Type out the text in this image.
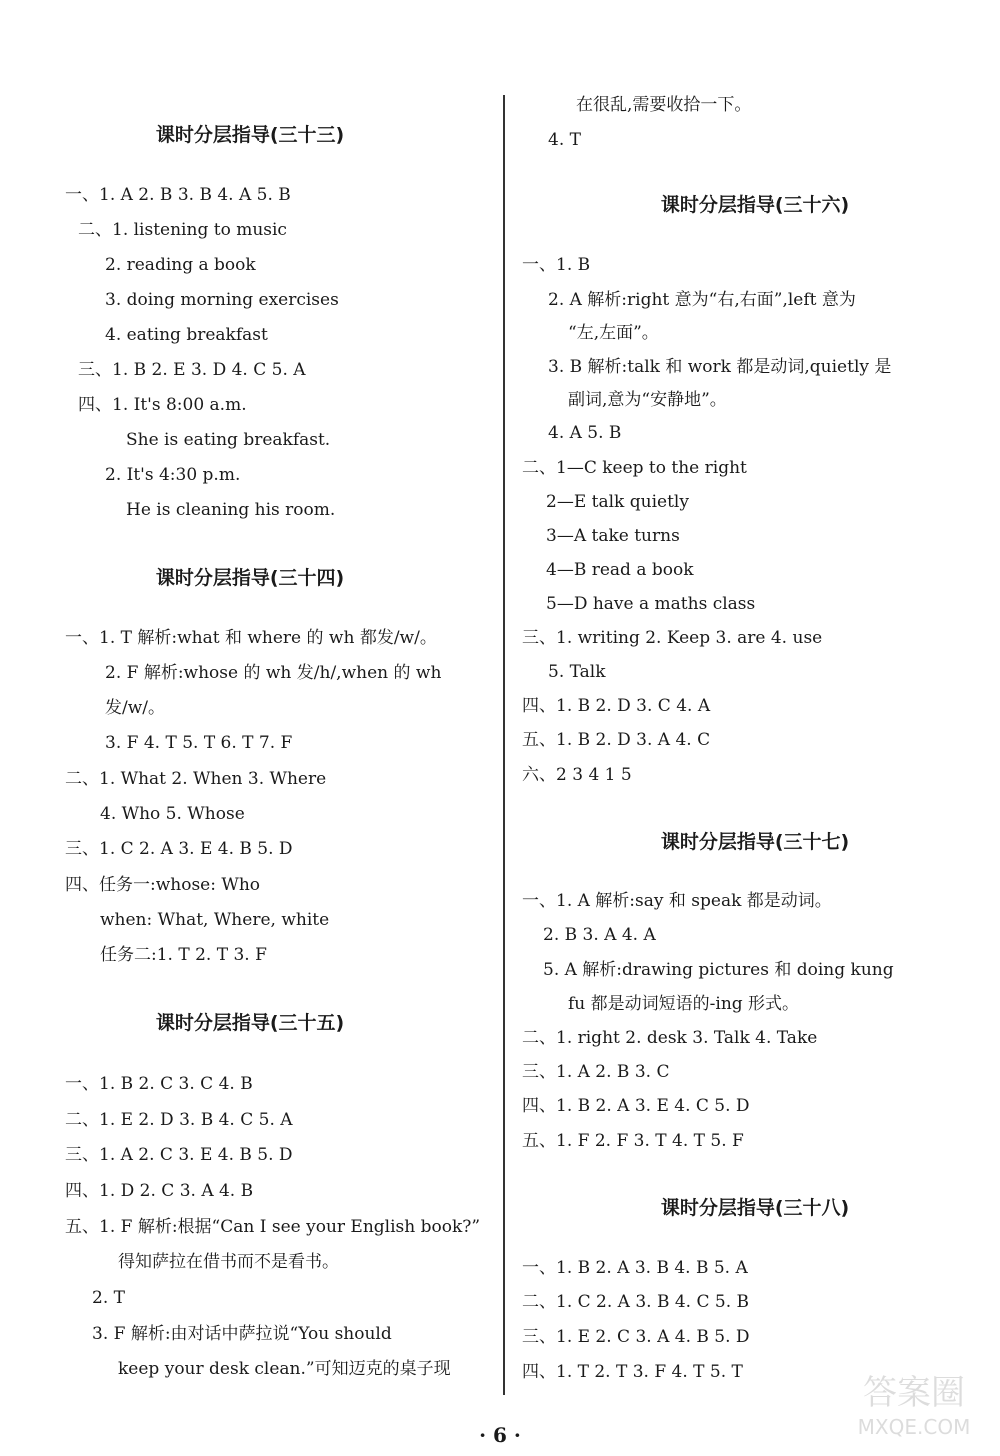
课时分层指导(三十三)
一、1. A 2. B 3. B 4. A 5. B
二、1. listening to music
2. reading a book
3. doing morning exercises
4. eating breakfast
三、1. B 2. E 3. D 4. C 5. A
四、1. It's 8:00 a.m.
She is eating breakfast.
2. It's 4:30 p.m.
He is cleaning his room.
课时分层指导(三十四)
一、1. T 解析:what 和 where 的 wh 都发/w/。
2. F 解析:whose 的 wh 发/h/,when 的 wh
发/w/。
3. F 4. T 5. T 6. T 7. F
二、1. What 2. When 3. Where
4. Who 5. Whose
三、1. C 2. A 3. E 4. B 5. D
四、任务一:whose: Who
when: What, Where, white
任务二:1. T 2. T 3. F
课时分层指导(三十五)
一、1. B 2. C 3. C 4. B
二、1. E 2. D 3. B 4. C 5. A
三、1. A 2. C 3. E 4. B 5. D
四、1. D 2. C 3. A 4. B
五、1. F 解析:根据“Can I see your English book?”
得知萨拉在借书而不是看书。
2. T
3. F 解析:由对话中萨拉说“You should
keep your desk clean.”可知迈克的桌子现
在很乱,需要收拾一下。
4. T
课时分层指导(三十六)
一、1. B
2. A 解析:right 意为“右,右面”,left 意为
“左,左面”。
3. B 解析:talk 和 work 都是动词,quietly 是
副词,意为“安静地”。
4. A 5. B
二、1—C keep to the right
2—E talk quietly
3—A take turns
4—B read a book
5—D have a maths class
三、1. writing 2. Keep 3. are 4. use
5. Talk
四、1. B 2. D 3. C 4. A
五、1. B 2. D 3. A 4. C
六、2 3 4 1 5
课时分层指导(三十七)
一、1. A 解析:say 和 speak 都是动词。
2. B 3. A 4. A
5. A 解析:drawing pictures 和 doing kung
fu 都是动词短语的-ing 形式。
二、1. right 2. desk 3. Talk 4. Take
三、1. A 2. B 3. C
四、1. B 2. A 3. E 4. C 5. D
五、1. F 2. F 3. T 4. T 5. F
课时分层指导(三十八)
一、1. B 2. A 3. B 4. B 5. A
二、1. C 2. A 3. B 4. C 5. B
三、1. E 2. C 3. A 4. B 5. D
四、1. T 2. T 3. F 4. T 5. T
· 6 ·
答案圈
MXQE.COM
